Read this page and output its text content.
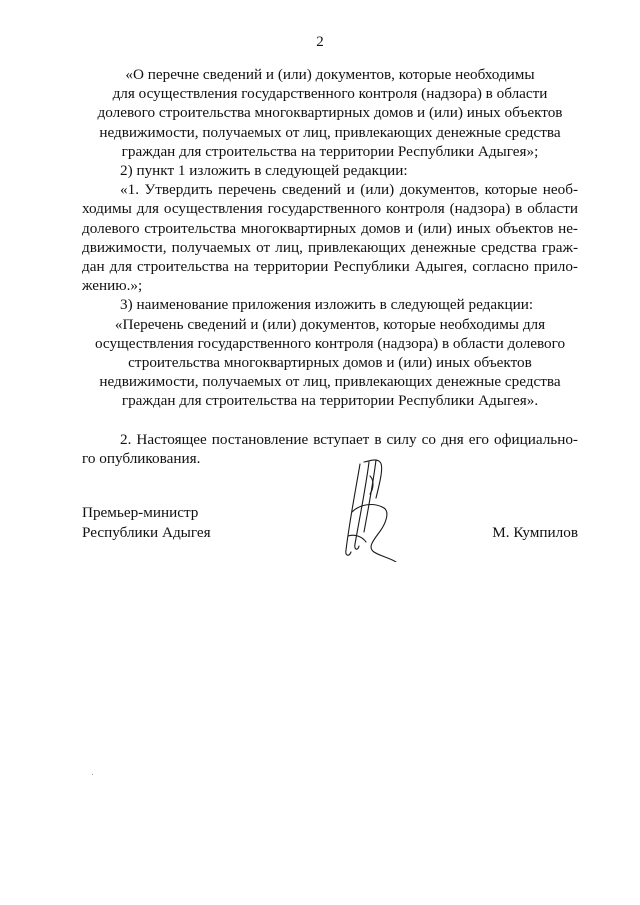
2
«О перечне сведений и (или) документов, которые необходимы
для осуществления государственного контроля (надзора) в области
долевого строительства многоквартирных домов и (или) иных объектов
недвижимости, получаемых от лиц, привлекающих денежные средства
граждан для строительства на территории Республики Адыгея»;
2) пункт 1 изложить в следующей редакции:
«1. Утвердить перечень сведений и (или) документов, которые необ-
ходимы для осуществления государственного контроля (надзора) в области
долевого строительства многоквартирных домов и (или) иных объектов не-
движимости, получаемых от лиц, привлекающих денежные средства граж-
дан для строительства на территории Республики Адыгея, согласно прило-
жению.»;
3) наименование приложения изложить в следующей редакции:
«Перечень сведений и (или) документов, которые необходимы для
осуществления государственного контроля (надзора) в области долевого
строительства многоквартирных домов и (или) иных объектов
недвижимости, получаемых от лиц, привлекающих денежные средства
граждан для строительства на территории Республики Адыгея».
2. Настоящее постановление вступает в силу со дня его официально-
го опубликования.
Премьер-министр
Республики Адыгея	М. Кумпилов
